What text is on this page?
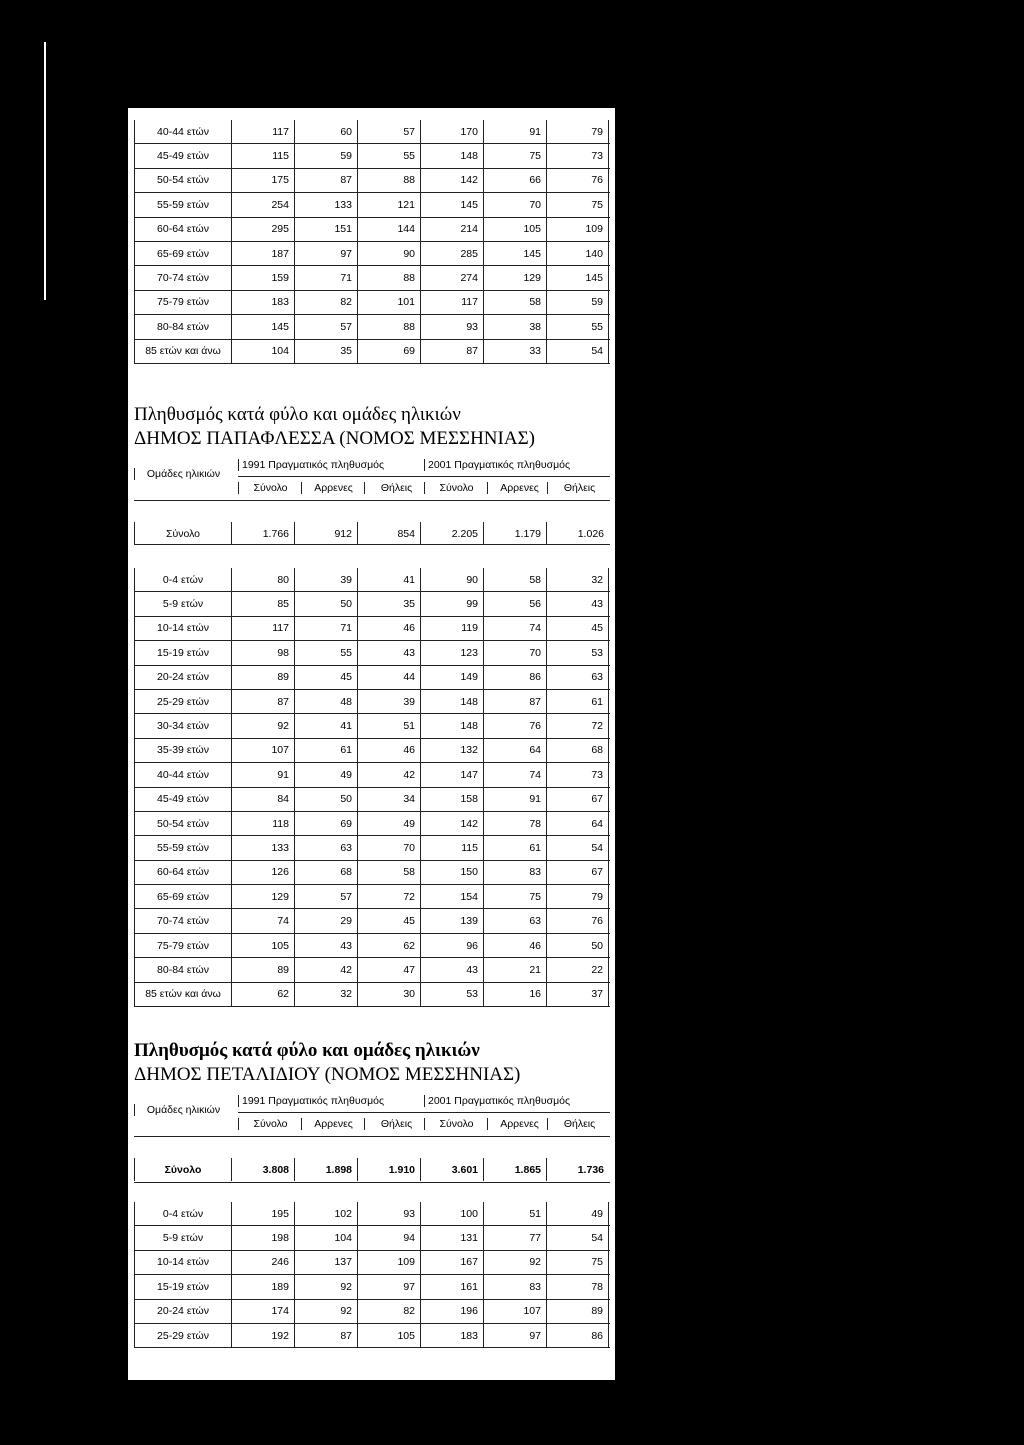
40-44 ετών	117	60	57	170	91	79
45-49 ετών	115	59	55	148	75	73
50-54 ετών	175	87	88	142	66	76
55-59 ετών	254	133	121	145	70	75
60-64 ετών	295	151	144	214	105	109
65-69 ετών	187	97	90	285	145	140
70-74 ετών	159	71	88	274	129	145
75-79 ετών	183	82	101	117	58	59
80-84 ετών	145	57	88	93	38	55
85 ετών και άνω	104	35	69	87	33	54
Πληθυσμός κατά φύλο και ομάδες ηλικιών
ΔΗΜΟΣ ΠΑΠΑΦΛΕΣΣΑ (ΝΟΜΟΣ ΜΕΣΣΗΝΙΑΣ)
Ομάδες ηλικιών
1991 Πραγματικός πληθυσμός	2001 Πραγματικός πληθυσμός
Σύνολο	Αρρενες	Θήλεις	Σύνολο	Αρρενες	Θήλεις
Σύνολο	1.766	912	854	2.205	1.179	1.026
0-4 ετών	80	39	41	90	58	32
5-9 ετών	85	50	35	99	56	43
10-14 ετών	117	71	46	119	74	45
15-19 ετών	98	55	43	123	70	53
20-24 ετών	89	45	44	149	86	63
25-29 ετών	87	48	39	148	87	61
30-34 ετών	92	41	51	148	76	72
35-39 ετών	107	61	46	132	64	68
40-44 ετών	91	49	42	147	74	73
45-49 ετών	84	50	34	158	91	67
50-54 ετών	118	69	49	142	78	64
55-59 ετών	133	63	70	115	61	54
60-64 ετών	126	68	58	150	83	67
65-69 ετών	129	57	72	154	75	79
70-74 ετών	74	29	45	139	63	76
75-79 ετών	105	43	62	96	46	50
80-84 ετών	89	42	47	43	21	22
85 ετών και άνω	62	32	30	53	16	37
Πληθυσμός κατά φύλο και ομάδες ηλικιών
ΔΗΜΟΣ ΠΕΤΑΛΙΔΙΟΥ (ΝΟΜΟΣ ΜΕΣΣΗΝΙΑΣ)
Ομάδες ηλικιών
1991 Πραγματικός πληθυσμός	2001 Πραγματικός πληθυσμός
Σύνολο	Αρρενες	Θήλεις	Σύνολο	Αρρενες	Θήλεις
Σύνολο	3.808	1.898	1.910	3.601	1.865	1.736
0-4 ετών	195	102	93	100	51	49
5-9 ετών	198	104	94	131	77	54
10-14 ετών	246	137	109	167	92	75
15-19 ετών	189	92	97	161	83	78
20-24 ετών	174	92	82	196	107	89
25-29 ετών	192	87	105	183	97	86
